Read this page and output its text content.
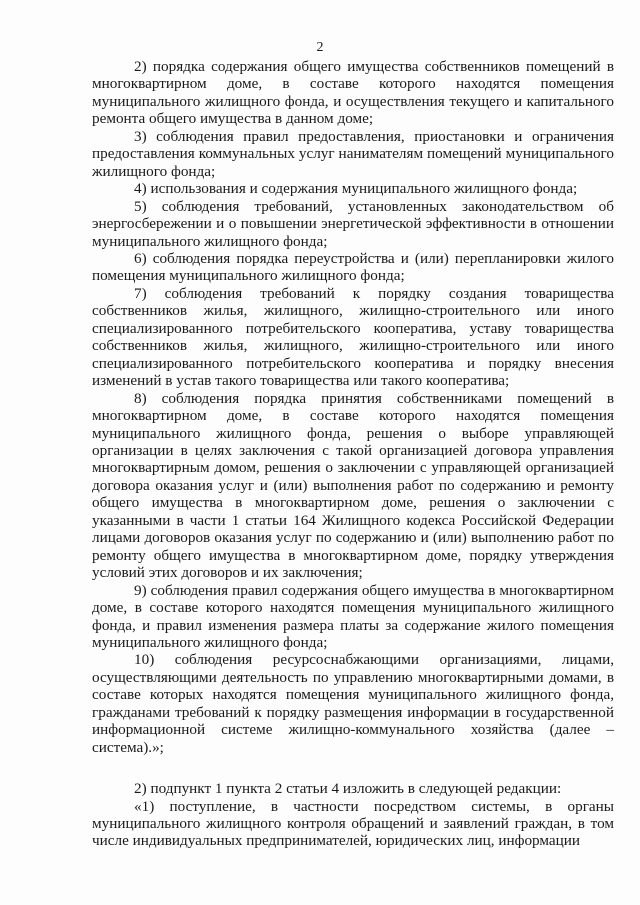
2

2) порядка содержания общего имущества собственников помещений в многоквартирном доме, в составе которого находятся помещения муниципального жилищного фонда, и осуществления текущего и капитального ремонта общего имущества в данном доме;

3) соблюдения правил предоставления, приостановки и ограничения предоставления коммунальных услуг нанимателям помещений муниципального жилищного фонда;

4) использования и содержания муниципального жилищного фонда;

5) соблюдения требований, установленных законодательством об энергосбережении и о повышении энергетической эффективности в отношении муниципального жилищного фонда;

6) соблюдения порядка переустройства и (или) перепланировки жилого помещения муниципального жилищного фонда;

7) соблюдения требований к порядку создания товарищества собственников жилья, жилищного, жилищно-строительного или иного специализированного потребительского кооператива, уставу товарищества собственников жилья, жилищного, жилищно-строительного или иного специализированного потребительского кооператива и порядку внесения изменений в устав такого товарищества или такого кооператива;

8) соблюдения порядка принятия собственниками помещений в многоквартирном доме, в составе которого находятся помещения муниципального жилищного фонда, решения о выборе управляющей организации в целях заключения с такой организацией договора управления многоквартирным домом, решения о заключении с управляющей организацией договора оказания услуг и (или) выполнения работ по содержанию и ремонту общего имущества в многоквартирном доме, решения о заключении с указанными в части 1 статьи 164 Жилищного кодекса Российской Федерации лицами договоров оказания услуг по содержанию и (или) выполнению работ по ремонту общего имущества в многоквартирном доме, порядку утверждения условий этих договоров и их заключения;

9) соблюдения правил содержания общего имущества в многоквартирном доме, в составе которого находятся помещения муниципального жилищного фонда, и правил изменения размера платы за содержание жилого помещения муниципального жилищного фонда;

10) соблюдения ресурсоснабжающими организациями, лицами, осуществляющими деятельность по управлению многоквартирными домами, в составе которых находятся помещения муниципального жилищного фонда, гражданами требований к порядку размещения информации в государственной информационной системе жилищно-коммунального хозяйства (далее – система).»;

2) подпункт 1 пункта 2 статьи 4 изложить в следующей редакции:

«1) поступление, в частности посредством системы, в органы муниципального жилищного контроля обращений и заявлений граждан, в том числе индивидуальных предпринимателей, юридических лиц, информации
